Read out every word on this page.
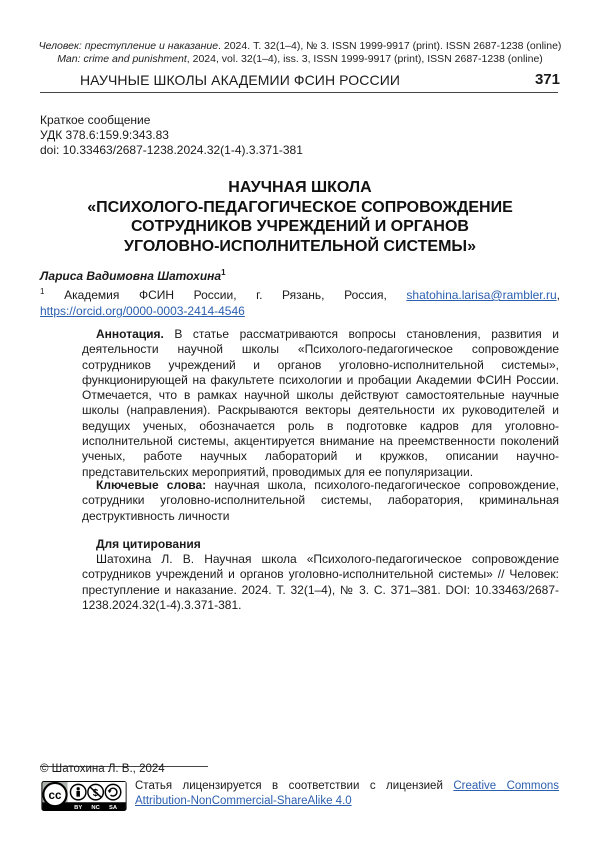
Человек: преступление и наказание. 2024. Т. 32(1–4), № 3. ISSN 1999-9917 (print). ISSN 2687-1238 (online)
Man: crime and punishment, 2024, vol. 32(1–4), iss. 3, ISSN 1999-9917 (print), ISSN 2687-1238 (online)
НАУЧНЫЕ ШКОЛЫ АКАДЕМИИ ФСИН РОССИИ	371
Краткое сообщение
УДК 378.6:159.9:343.83
doi: 10.33463/2687-1238.2024.32(1-4).3.371-381
НАУЧНАЯ ШКОЛА
«ПСИХОЛОГО-ПЕДАГОГИЧЕСКОЕ СОПРОВОЖДЕНИЕ
СОТРУДНИКОВ УЧРЕЖДЕНИЙ И ОРГАНОВ
УГОЛОВНО-ИСПОЛНИТЕЛЬНОЙ СИСТЕМЫ»
Лариса Вадимовна Шатохина1
1 Академия ФСИН России, г. Рязань, Россия, shatohina.larisa@rambler.ru, https://orcid.org/0000-0003-2414-4546
Аннотация. В статье рассматриваются вопросы становления, развития и деятельности научной школы «Психолого-педагогическое сопровождение сотрудников учреждений и органов уголовно-исполнительной системы», функционирующей на факультете психологии и пробации Академии ФСИН России. Отмечается, что в рамках научной школы действуют самостоятельные научные школы (направления). Раскрываются векторы деятельности их руководителей и ведущих ученых, обозначается роль в подготовке кадров для уголовно-исполнительной системы, акцентируется внимание на преемственности поколений ученых, работе научных лабораторий и кружков, описании научно-представительских мероприятий, проводимых для ее популяризации.
Ключевые слова: научная школа, психолого-педагогическое сопровождение, сотрудники уголовно-исполнительной системы, лаборатория, криминальная деструктивность личности
Для цитирования
Шатохина Л. В. Научная школа «Психолого-педагогическое сопровождение сотрудников учреждений и органов уголовно-исполнительной системы» // Человек: преступление и наказание. 2024. Т. 32(1–4), № 3. С. 371–381. DOI: 10.33463/2687-1238.2024.32(1-4).3.371-381.
© Шатохина Л. В., 2024
cc	$
BY NC SA
Статья лицензируется в соответствии с лицензией Creative Commons Attribution-NonCommercial-ShareAlike 4.0
